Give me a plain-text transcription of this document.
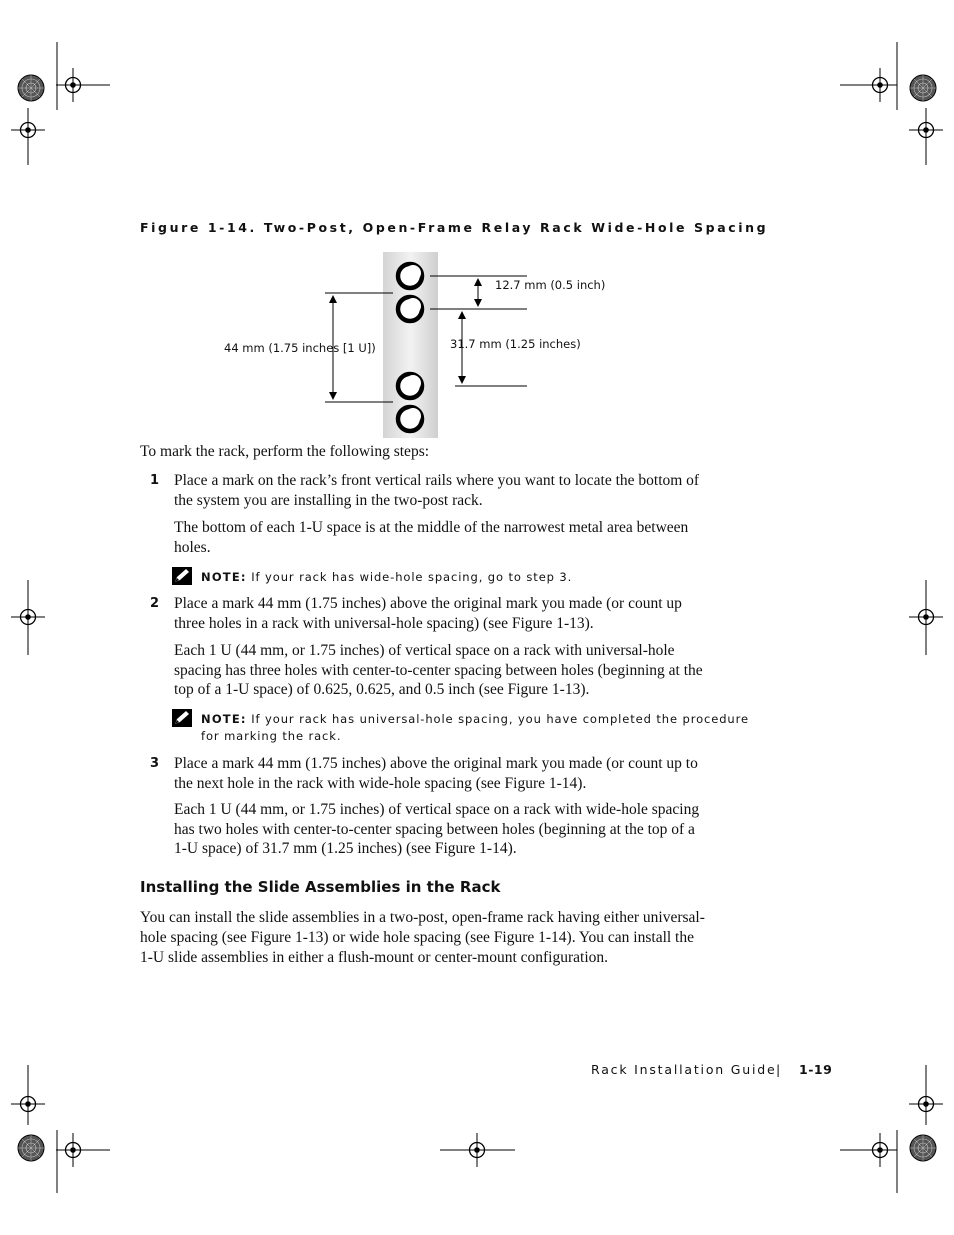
Figure 1-14. Two-Post, Open-Frame Relay Rack Wide-Hole Spacing
12.7 mm (0.5 inch)
31.7 mm (1.25 inches)
44 mm (1.75 inches [1 U])
To mark the rack, perform the following steps:
1 Place a mark on the rack’s front vertical rails where you want to locate the bottom of
the system you are installing in the two-post rack.
The bottom of each 1-U space is at the middle of the narrowest metal area between
holes.
NOTE: If your rack has wide-hole spacing, go to step 3.
2 Place a mark 44 mm (1.75 inches) above the original mark you made (or count up
three holes in a rack with universal-hole spacing) (see Figure 1-13).
Each 1 U (44 mm, or 1.75 inches) of vertical space on a rack with universal-hole
spacing has three holes with center-to-center spacing between holes (beginning at the
top of a 1-U space) of 0.625, 0.625, and 0.5 inch (see Figure 1-13).
NOTE: If your rack has universal-hole spacing, you have completed the procedure
for marking the rack.
3 Place a mark 44 mm (1.75 inches) above the original mark you made (or count up to
the next hole in the rack with wide-hole spacing (see Figure 1-14).
Each 1 U (44 mm, or 1.75 inches) of vertical space on a rack with wide-hole spacing
has two holes with center-to-center spacing between holes (beginning at the top of a
1-U space) of 31.7 mm (1.25 inches) (see Figure 1-14).
Installing the Slide Assemblies in the Rack
You can install the slide assemblies in a two-post, open-frame rack having either universal-
hole spacing (see Figure 1-13) or wide hole spacing (see Figure 1-14). You can install the
1-U slide assemblies in either a flush-mount or center-mount configuration.
Rack Installation Guide | 1-19
